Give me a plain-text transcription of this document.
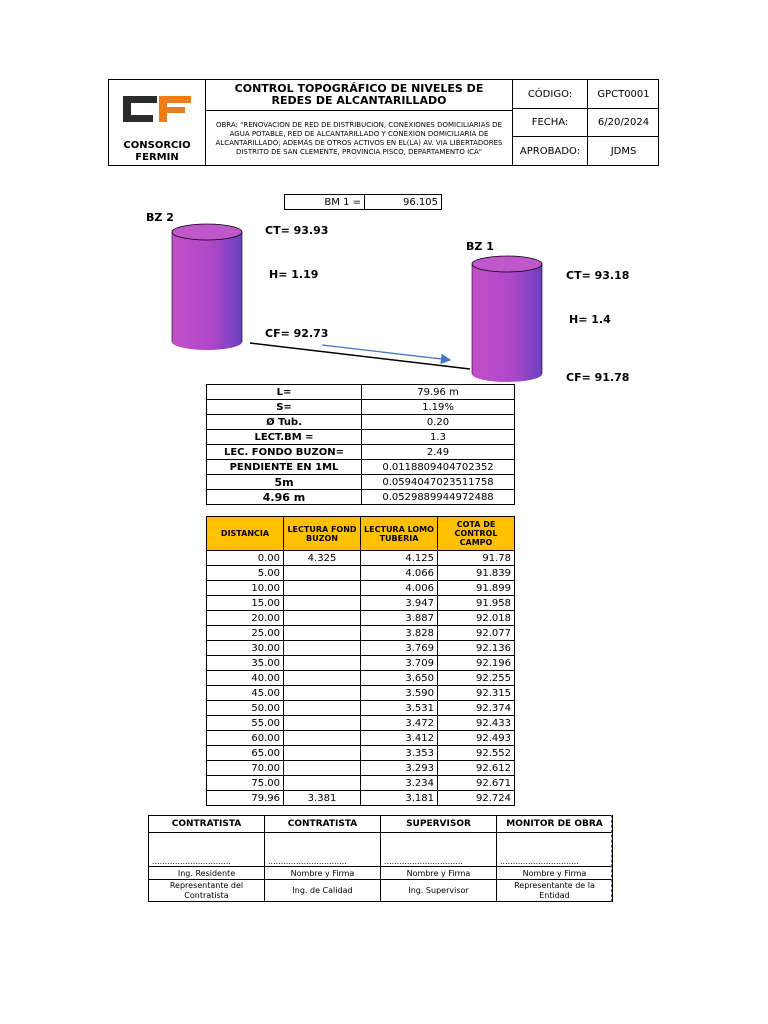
CONSORCIO FERMIN
CONTROL TOPOGRÁFICO DE NIVELES DE REDES DE ALCANTARILLADO
OBRA: "RENOVACION DE RED DE DISTRIBUCION, CONEXIONES DOMICILIARIAS DE AGUA POTABLE, RED DE ALCANTARILLADO Y CONEXION DOMICILIARIA DE ALCANTARILLADO; ADEMÁS DE OTROS ACTIVOS EN EL(LA) AV. VIA LIBERTADORES DISTRITO DE SAN CLEMENTE, PROVINCIA PISCO, DEPARTAMENTO ICA"
CÓDIGO:	GPCT0001
FECHA:	6/20/2024
APROBADO:	JDMS
BM 1 =	96.105
BZ 2
CT= 93.93
H= 1.19
CF= 92.73
BZ 1
CT= 93.18
H= 1.4
CF= 91.78
L=	79.96 m
S=	1.19%
Ø Tub.	0.20
LECT.BM =	1.3
LEC. FONDO BUZON=	2.49
PENDIENTE EN 1ML	0.0118809404702352
5m	0.0594047023511758
4.96 m	0.0529889944972488
DISTANCIA	LECTURA FOND BUZON	LECTURA LOMO TUBERIA	COTA DE CONTROL CAMPO
0.00	4.325	4.125	91.78
5.00		4.066	91.839
10.00		4.006	91.899
15.00		3.947	91.958
20.00		3.887	92.018
25.00		3.828	92.077
30.00		3.769	92.136
35.00		3.709	92.196
40.00		3.650	92.255
45.00		3.590	92.315
50.00		3.531	92.374
55.00		3.472	92.433
60.00		3.412	92.493
65.00		3.353	92.552
70.00		3.293	92.612
75.00		3.234	92.671
79.96	3.381	3.181	92.724
CONTRATISTA	CONTRATISTA	SUPERVISOR	MONITOR DE OBRA
...............................	...............................	...............................	...............................
Ing. Residente	Nombre y Firma	Nombre y Firma	Nombre y Firma
Representante del Contratista	Ing. de Calidad	Ing. Supervisor	Representante de la Entidad
